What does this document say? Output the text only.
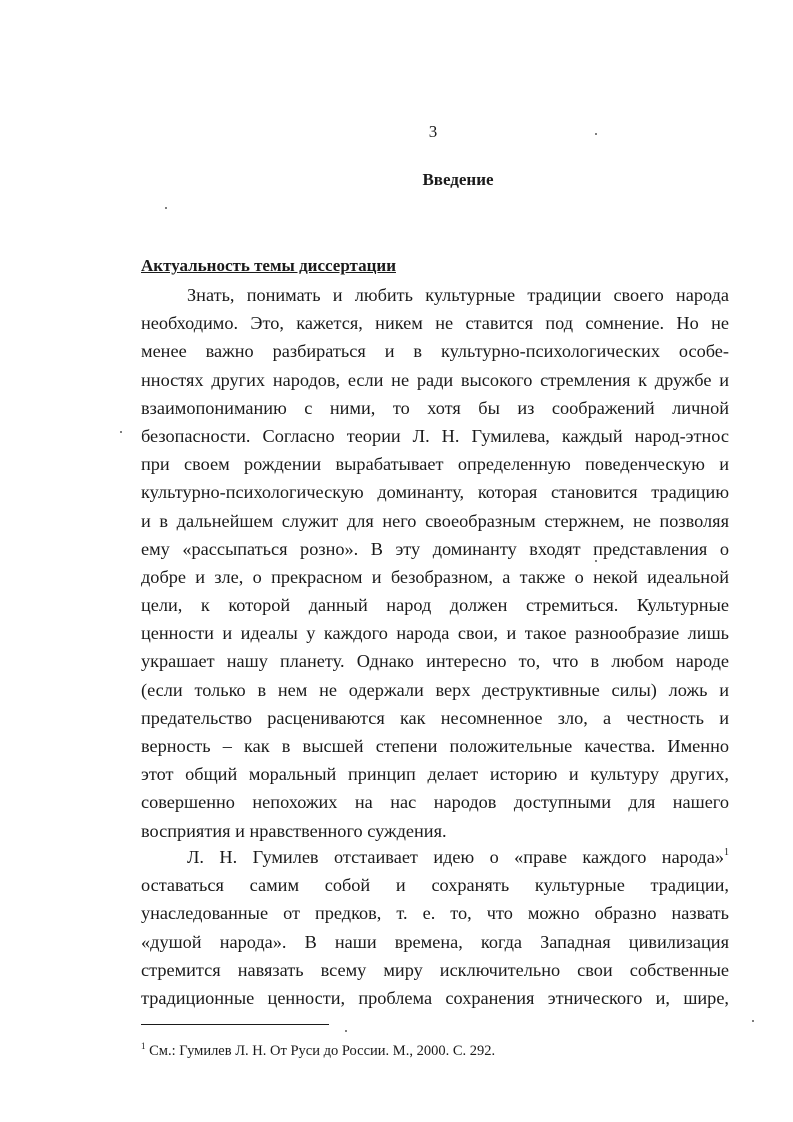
3
Введение
Актуальность темы диссертации
Знать, понимать и любить культурные традиции своего народа
необходимо. Это, кажется, никем не ставится под сомнение. Но не
менее важно разбираться и в культурно-психологических особе-
нностях других народов, если не ради высокого стремления к дружбе и
взаимопониманию с ними, то хотя бы из соображений личной
безопасности. Согласно теории Л. Н. Гумилева, каждый народ-этнос
при своем рождении вырабатывает определенную поведенческую и
культурно-психологическую доминанту, которая становится традицию
и в дальнейшем служит для него своеобразным стержнем, не позволяя
ему «рассыпаться розно». В эту доминанту входят представления о
добре и зле, о прекрасном и безобразном, а также о некой идеальной
цели, к которой данный народ должен стремиться. Культурные
ценности и идеалы у каждого народа свои, и такое разнообразие лишь
украшает нашу планету. Однако интересно то, что в любом народе
(если только в нем не одержали верх деструктивные силы) ложь и
предательство расцениваются как несомненное зло, а честность и
верность – как в высшей степени положительные качества. Именно
этот общий моральный принцип делает историю и культуру других,
совершенно непохожих на нас народов доступными для нашего
восприятия и нравственного суждения.
Л. Н. Гумилев отстаивает идею о «праве каждого народа»$^1$
оставаться самим собой и сохранять культурные традиции,
унаследованные от предков, т. е. то, что можно образно назвать
«душой народа». В наши времена, когда Западная цивилизация
стремится навязать всему миру исключительно свои собственные
традиционные ценности, проблема сохранения этнического и, шире,
$^1$ См.: Гумилев Л. Н. От Руси до России. М., 2000. С. 292.
